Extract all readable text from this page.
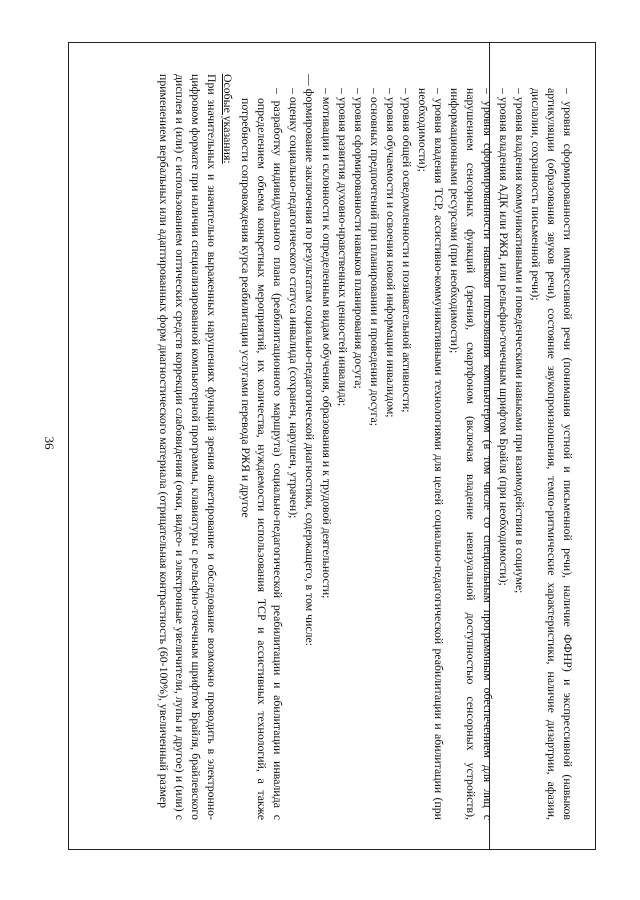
36	– уровня сформированности импрессивной речи (понимания устной и письменной речи), наличие ФФНР) и экспрессивной (навыков артикуляции (образования звуков речи), состояние звукопроизношения, темпо-ритмические характеристики, наличие дизартрии, афазии, дислалии, сохранность письменной речи);

– уровня владения коммуникативными и поведенческими навыками при взаимодействии в социуме;

– уровня владения АДК или РЖЯ, или рельефно-точечным шрифтом Брайля (при необходимости);

– уровня сформированности навыков пользования компьютером (в том числе со специальным программным обеспечением для лиц с нарушением сенсорных функций (зрения), смартфоном (включая владение невизуальной доступностью сенсорных устройств), информационными ресурсами (при необходимости);

– уровня владения ТСР, ассистивно-коммуникативными технологиями для целей социально-педагогической реабилитации и абилитации (при необходимости);

– уровня общей осведомленности и познавательной активности;

– уровня обучаемости и освоения новой информации инвалидом;

– основных предпочтений при планировании и проведении досуга;

– уровня сформированности навыков планирования досуга;

– уровня развития духовно-нравственных ценностей инвалида;

– мотивации и склонности к определенным видам обучения, образования и к трудовой деятельности;

— формирование заключения по результатам социально-педагогической диагностики, содержащего, в том числе:

– оценку социально-педагогического статуса инвалида (сохранен, нарушен, утрачен);

– разработку индивидуального плана (реабилитационного маршрута) социально-педагогической реабилитации и абилитации инвалида с определением объема конкретных мероприятий, их количества, нуждаемости использования ТСР и ассистивных технологий, а также потребности сопровождения курса реабилитации услугами перевода РЖЯ и другое

Особые указания:

При значительных и значительно выраженных нарушениях функций зрения анкетирование и обследование возможно проводить в электронно-цифровом формате при наличии специализированной компьютерной программы, клавиатуры с рельефно-точечным шрифтом Брайля, брайлевского дисплея и (или) с использованием оптических средств коррекции слабовидения (очки, видео- и электронные увеличители, лупы и другое) и (или) с применением вербальных или адаптированных форм диагностического материала (отрицательная контрастность (60-100%), увеличенный размер
